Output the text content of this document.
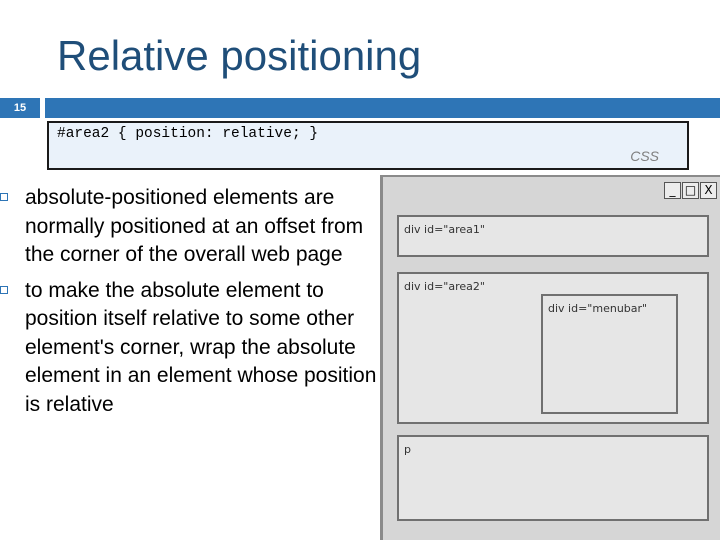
Relative positioning
15
#area2 { position: relative; }
CSS
absolute-positioned elements are normally positioned at an offset from the corner of the overall web page
to make the absolute element to position itself relative to some other element's corner, wrap the absolute element in an element whose position is relative
_ □ X
div id="area1"
div id="area2"
div id="menubar"
p
